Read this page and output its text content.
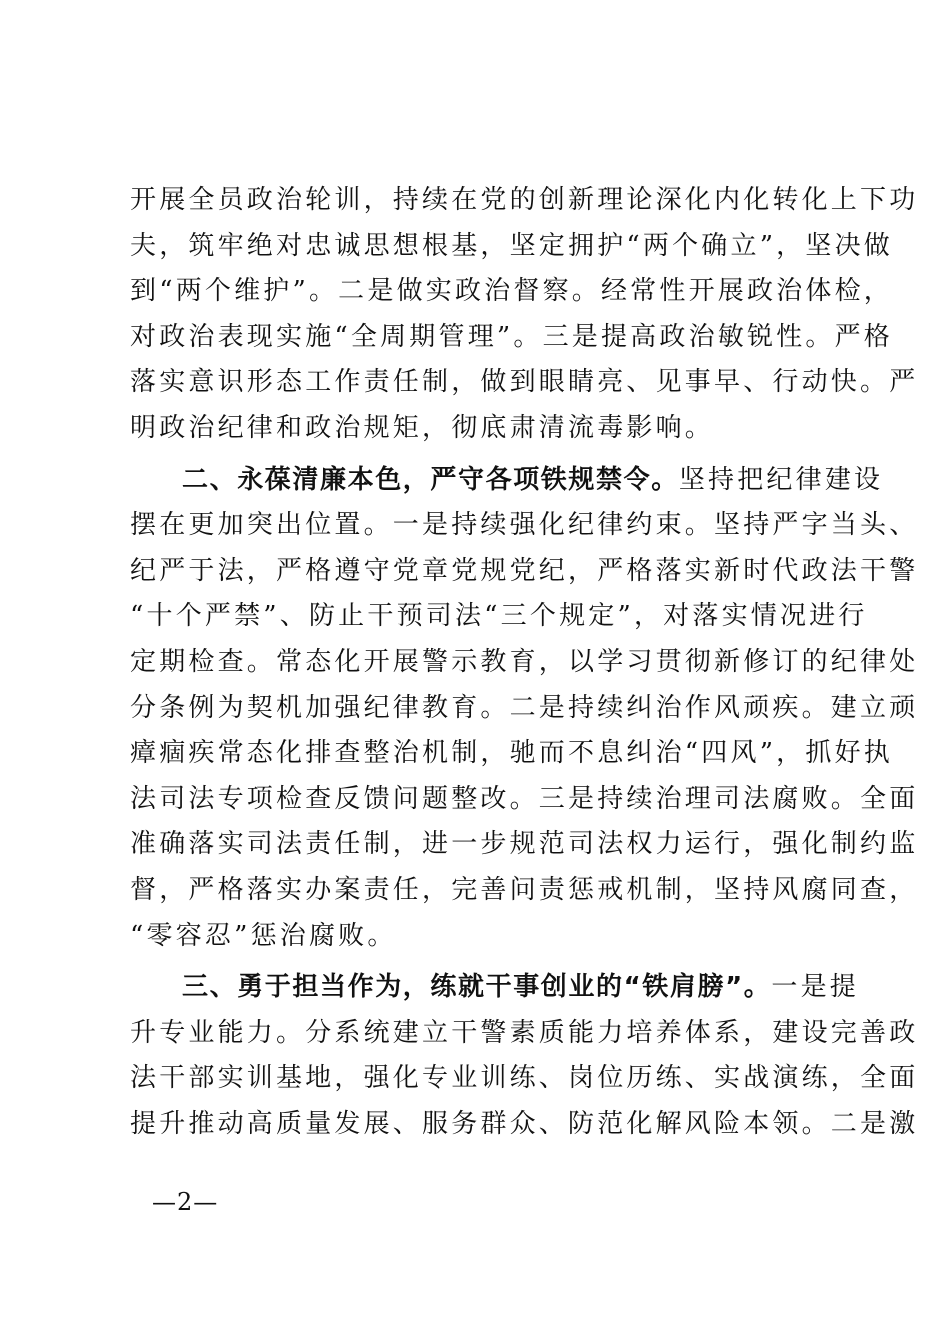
开展全员政治轮训，持续在党的创新理论深化内化转化上下功
夫，筑牢绝对忠诚思想根基，坚定拥护“两个确立”，坚决做
到“两个维护”。二是做实政治督察。经常性开展政治体检，
对政治表现实施“全周期管理”。三是提高政治敏锐性。严格
落实意识形态工作责任制，做到眼睛亮、见事早、行动快。严
明政治纪律和政治规矩，彻底肃清流毒影响。
二、永葆清廉本色，严守各项铁规禁令。坚持把纪律建设
摆在更加突出位置。一是持续强化纪律约束。坚持严字当头、
纪严于法，严格遵守党章党规党纪，严格落实新时代政法干警
“十个严禁”、防止干预司法“三个规定”，对落实情况进行
定期检查。常态化开展警示教育，以学习贯彻新修订的纪律处
分条例为契机加强纪律教育。二是持续纠治作风顽疾。建立顽
瘴痼疾常态化排查整治机制，驰而不息纠治“四风”，抓好执
法司法专项检查反馈问题整改。三是持续治理司法腐败。全面
准确落实司法责任制，进一步规范司法权力运行，强化制约监
督，严格落实办案责任，完善问责惩戒机制，坚持风腐同查，
“零容忍”惩治腐败。
三、勇于担当作为，练就干事创业的“铁肩膀”。一是提
升专业能力。分系统建立干警素质能力培养体系，建设完善政
法干部实训基地，强化专业训练、岗位历练、实战演练，全面
提升推动高质量发展、服务群众、防范化解风险本领。二是激
—2—
